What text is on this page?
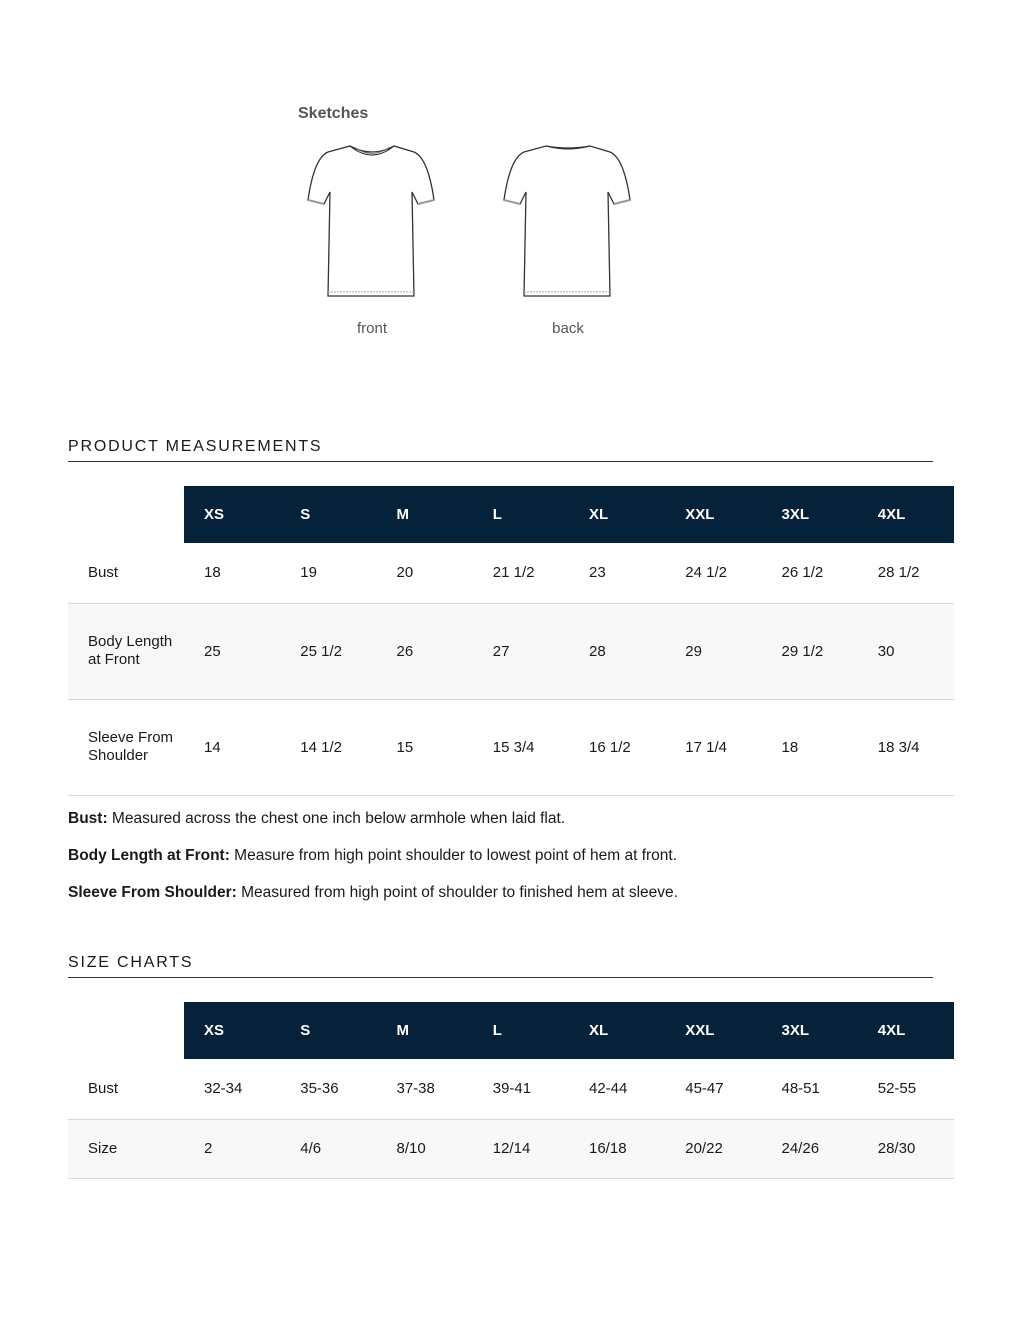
Sketches
front	back
PRODUCT MEASUREMENTS
	XS	S	M	L	XL	XXL	3XL	4XL
Bust	18	19	20	21 1/2	23	24 1/2	26 1/2	28 1/2
Body Length at Front	25	25 1/2	26	27	28	29	29 1/2	30
Sleeve From Shoulder	14	14 1/2	15	15 3/4	16 1/2	17 1/4	18	18 3/4
Bust: Measured across the chest one inch below armhole when laid flat.
Body Length at Front: Measure from high point shoulder to lowest point of hem at front.
Sleeve From Shoulder: Measured from high point of shoulder to finished hem at sleeve.
SIZE CHARTS
	XS	S	M	L	XL	XXL	3XL	4XL
Bust	32-34	35-36	37-38	39-41	42-44	45-47	48-51	52-55
Size	2	4/6	8/10	12/14	16/18	20/22	24/26	28/30
